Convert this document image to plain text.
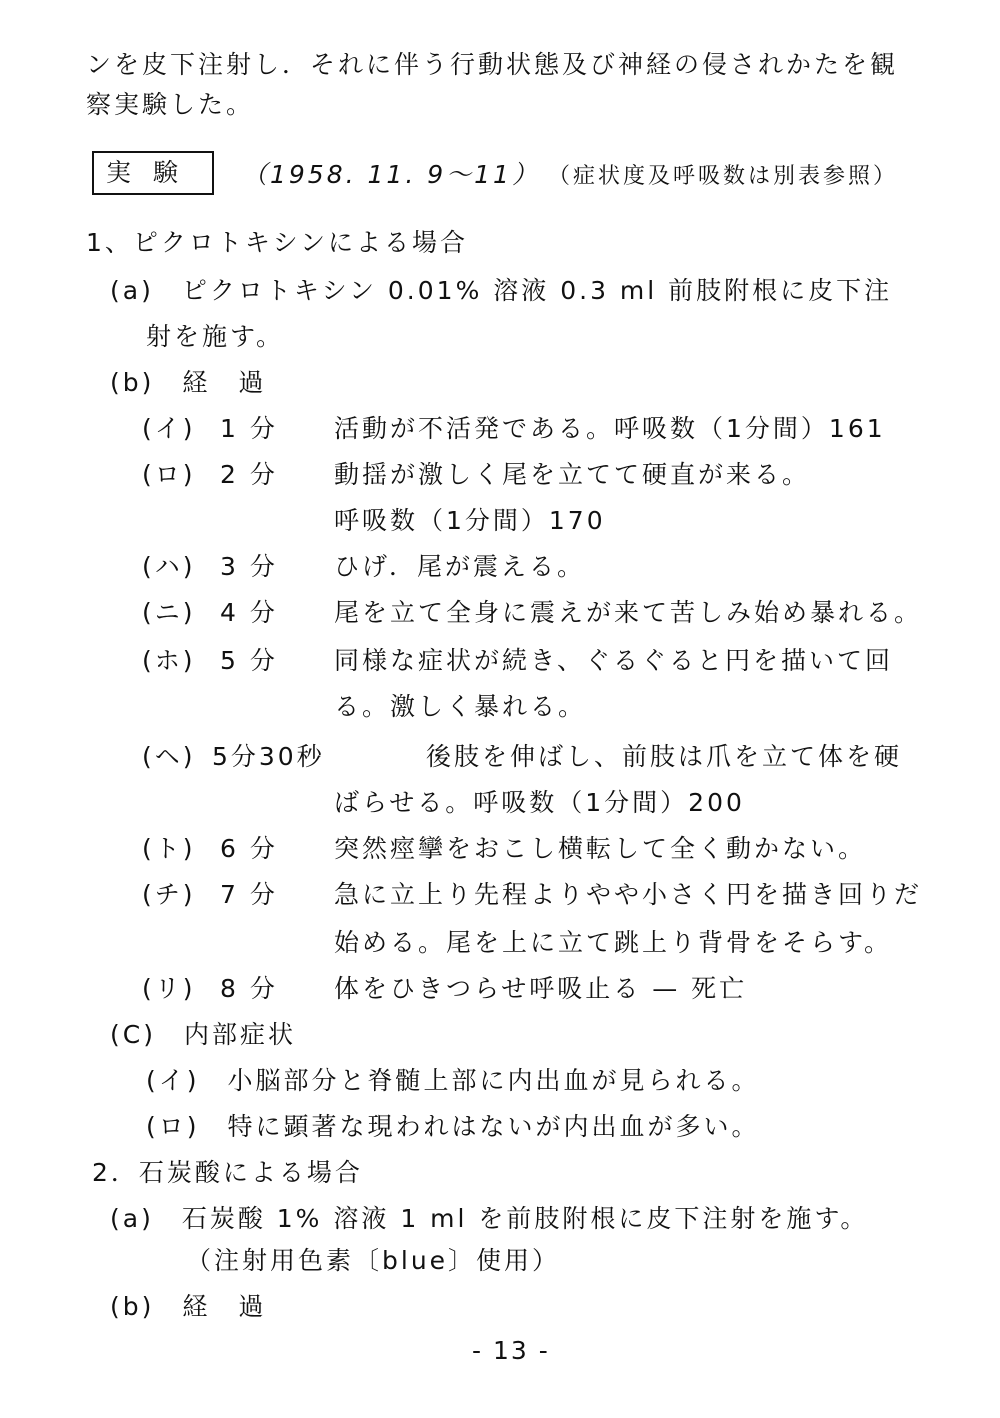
ンを皮下注射し．それに伴う行動状態及び神経の侵されかたを観
察実験した。
実験	（1958. 11. 9～11） （症状度及呼吸数は別表参照）
1、ピクロトキシンによる場合
(a)　ピクロトキシン 0.01% 溶液 0.3 ml 前肢附根に皮下注
射を施す。
(b)　経　過
(イ) 1 分 活動が不活発である。呼吸数（1分間）161
(ロ) 2 分 動揺が激しく尾を立てて硬直が来る。
呼吸数（1分間）170
(ハ) 3 分 ひげ．尾が震える。
(ニ) 4 分 尾を立て全身に震えが来て苦しみ始め暴れる。
(ホ) 5 分 同様な症状が続き、ぐるぐると円を描いて回
る。激しく暴れる。
(ヘ) 5分30秒	後肢を伸ばし、前肢は爪を立て体を硬
ばらせる。呼吸数（1分間）200
(ト) 6 分 突然痙攣をおこし横転して全く動かない。
(チ) 7 分 急に立上り先程よりやや小さく円を描き回りだ
始める。尾を上に立て跳上り背骨をそらす。
(リ) 8 分 体をひきつらせ呼吸止る — 死亡
(C)　内部症状
(イ)　小脳部分と脊髄上部に内出血が見られる。
(ロ)　特に顕著な現われはないが内出血が多い。
2．石炭酸による場合
(a)　石炭酸 1% 溶液 1 ml を前肢附根に皮下注射を施す。
（注射用色素〔blue〕使用）
(b)　経　過
- 13 -
